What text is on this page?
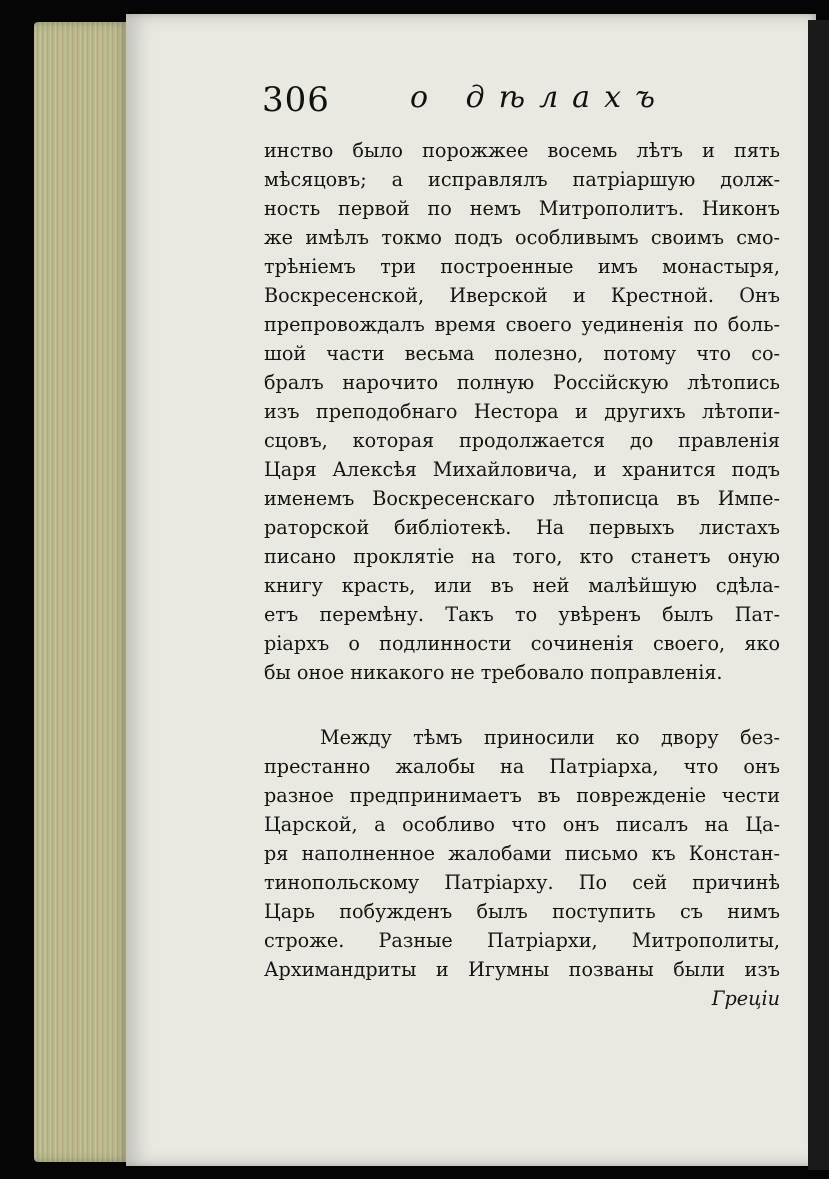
306	о дѣлахъ
инство было порожжее восемь лѣтъ и пять
мѣсяцовъ; а исправлялъ патріаршую долж-
ность первой по немъ Митрополитъ. Никонъ
же имѣлъ токмо подъ особливымъ своимъ смо-
трѣніемъ три построенные имъ монастыря,
Воскресенской, Иверской и Крестной. Онъ
препровождалъ время своего уединенія по боль-
шой части весьма полезно, потому что со-
бралъ нарочито полную Россійскую лѣтопись
изъ преподобнаго Нестора и другихъ лѣтопи-
сцовъ, которая продолжается до правленія
Царя Алексѣя Михайловича, и хранится подъ
именемъ Воскресенскаго лѣтописца въ Импе-
раторской библіотекѣ. На первыхъ листахъ
писано проклятіе на того, кто станетъ оную
книгу красть, или въ ней малѣйшую сдѣла-
етъ перемѣну. Такъ то увѣренъ былъ Пат-
ріархъ о подлинности сочиненія своего, яко
бы оное никакого не требовало поправленія.
Между тѣмъ приносили ко двору без-
престанно жалобы на Патріарха, что онъ
разное предпринимаетъ въ поврежденіе чести
Царской, а особливо что онъ писалъ на Ца-
ря наполненное жалобами письмо къ Констан-
тинопольскому Патріарху. По сей причинѣ
Царь побужденъ былъ поступить съ нимъ
строже. Разные Патріархи, Митрополиты,
Архимандриты и Игумны позваны были изъ
Греціи
